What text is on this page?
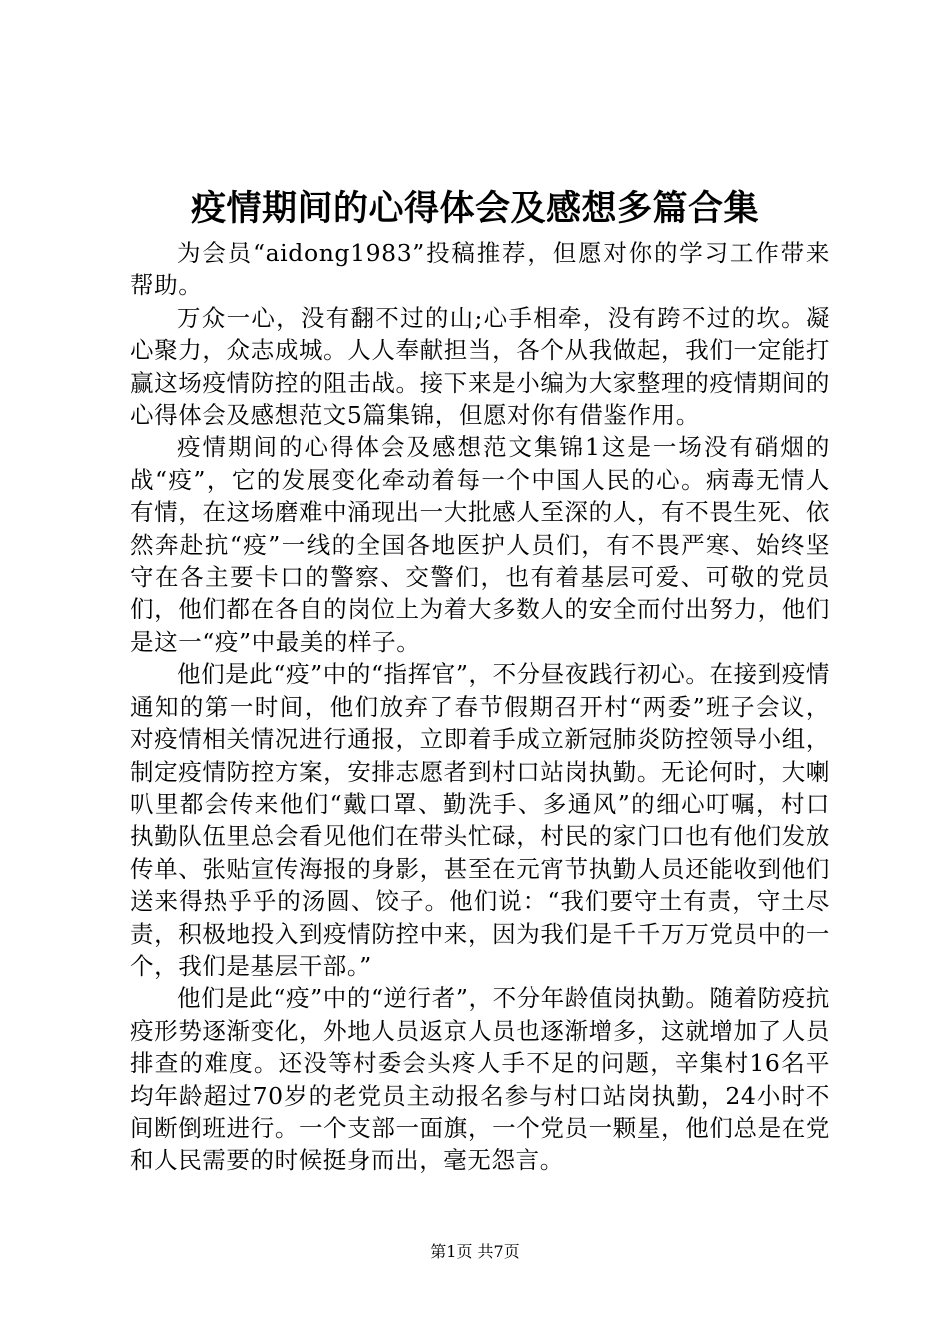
疫情期间的心得体会及感想多篇合集

为会员“aidong1983”投稿推荐，但愿对你的学习工作带来帮助。

万众一心，没有翻不过的山;心手相牵，没有跨不过的坎。凝心聚力，众志成城。人人奉献担当，各个从我做起，我们一定能打赢这场疫情防控的阻击战。接下来是小编为大家整理的疫情期间的心得体会及感想范文5篇集锦，但愿对你有借鉴作用。

疫情期间的心得体会及感想范文集锦1这是一场没有硝烟的战“疫”，它的发展变化牵动着每一个中国人民的心。病毒无情人有情，在这场磨难中涌现出一大批感人至深的人，有不畏生死、依然奔赴抗“疫”一线的全国各地医护人员们，有不畏严寒、始终坚守在各主要卡口的警察、交警们，也有着基层可爱、可敬的党员们，他们都在各自的岗位上为着大多数人的安全而付出努力，他们是这一“疫”中最美的样子。

他们是此“疫”中的“指挥官”，不分昼夜践行初心。在接到疫情通知的第一时间，他们放弃了春节假期召开村“两委”班子会议，对疫情相关情况进行通报，立即着手成立新冠肺炎防控领导小组，制定疫情防控方案，安排志愿者到村口站岗执勤。无论何时，大喇叭里都会传来他们“戴口罩、勤洗手、多通风”的细心叮嘱，村口执勤队伍里总会看见他们在带头忙碌，村民的家门口也有他们发放传单、张贴宣传海报的身影，甚至在元宵节执勤人员还能收到他们送来得热乎乎的汤圆、饺子。他们说：“我们要守土有责，守土尽责，积极地投入到疫情防控中来，因为我们是千千万万党员中的一个，我们是基层干部。”

他们是此“疫”中的“逆行者”，不分年龄值岗执勤。随着防疫抗疫形势逐渐变化，外地人员返京人员也逐渐增多，这就增加了人员排查的难度。还没等村委会头疼人手不足的问题，辛集村16名平均年龄超过70岁的老党员主动报名参与村口站岗执勤，24小时不间断倒班进行。一个支部一面旗，一个党员一颗星，他们总是在党和人民需要的时候挺身而出，毫无怨言。

第1页 共7页
